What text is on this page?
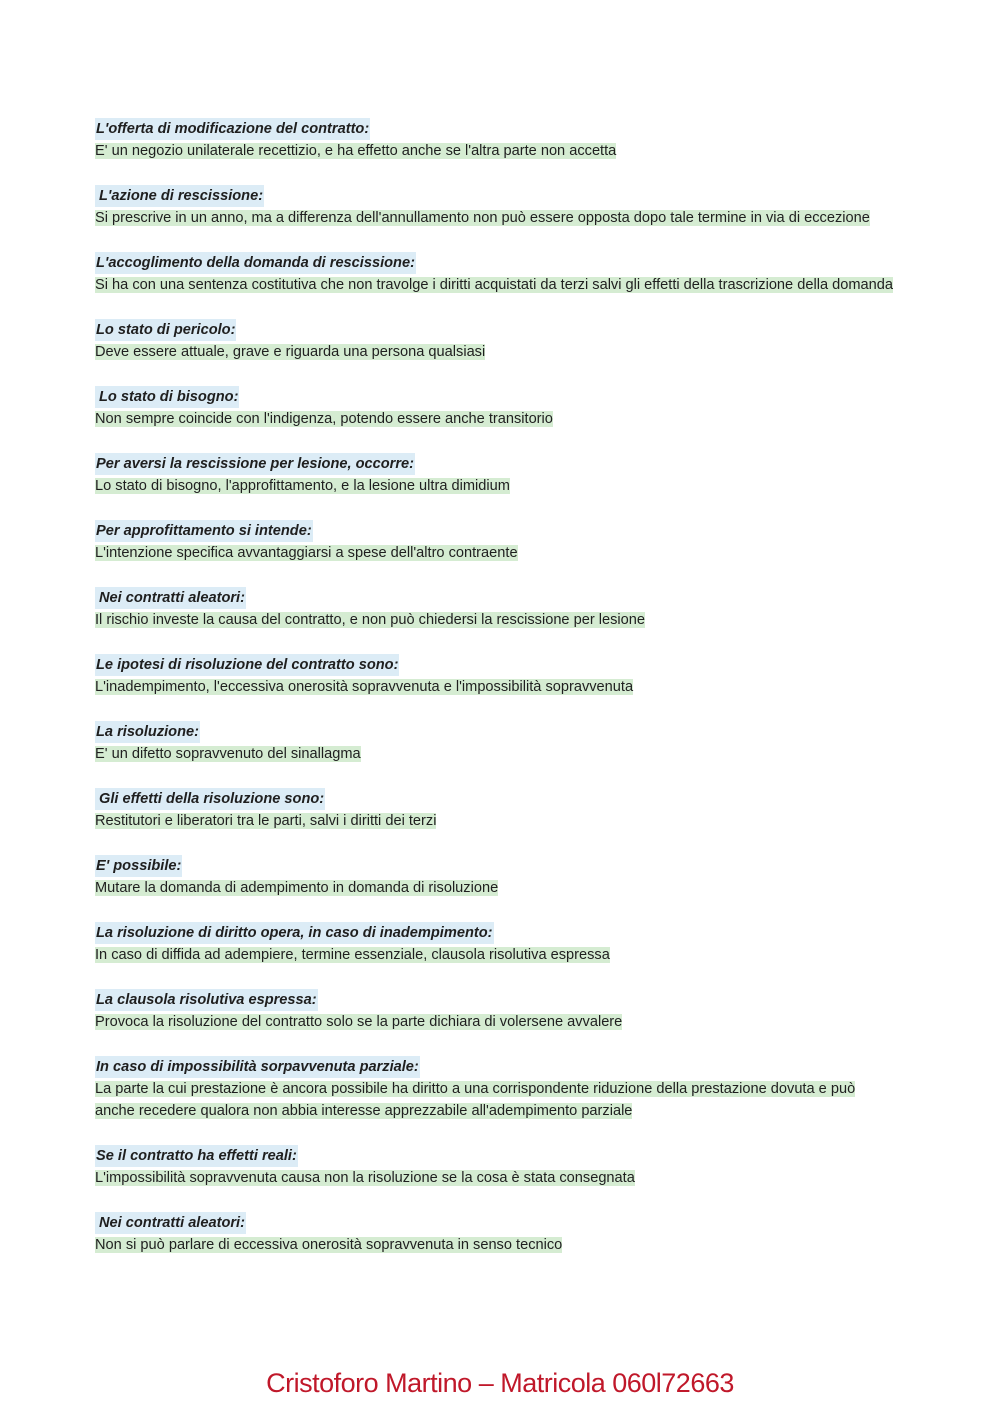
L'offerta di modificazione del contratto:
E' un negozio unilaterale recettizio, e ha effetto anche se l'altra parte non accetta
L'azione di rescissione:
Si prescrive in un anno, ma a differenza dell'annullamento non può essere opposta dopo tale termine in via di eccezione
L'accoglimento della domanda di rescissione:
Si ha con una sentenza costitutiva che non travolge i diritti acquistati da terzi salvi gli effetti della trascrizione della domanda
Lo stato di pericolo:
Deve essere attuale, grave e riguarda una persona qualsiasi
Lo stato di bisogno:
Non sempre coincide con l'indigenza, potendo essere anche transitorio
Per aversi la rescissione per lesione, occorre:
Lo stato di bisogno, l'approfittamento, e la lesione ultra dimidium
Per approfittamento si intende:
L'intenzione specifica avvantaggiarsi a spese dell'altro contraente
Nei contratti aleatori:
Il rischio investe la causa del contratto, e non può chiedersi la rescissione per lesione
Le ipotesi di risoluzione del contratto sono:
L'inadempimento, l'eccessiva onerosità sopravvenuta e l'impossibilità sopravvenuta
La risoluzione:
E' un difetto sopravvenuto del sinallagma
Gli effetti della risoluzione sono:
Restitutori e liberatori tra le parti, salvi i diritti dei terzi
E' possibile:
Mutare la domanda di adempimento in domanda di risoluzione
La risoluzione di diritto opera, in caso di inadempimento:
In caso di diffida ad adempiere, termine essenziale, clausola risolutiva espressa
La clausola risolutiva espressa:
Provoca la risoluzione del contratto solo se la parte dichiara di volersene avvalere
In caso di impossibilità sorpavvenuta parziale:
La parte la cui prestazione è ancora possibile ha diritto a una corrispondente riduzione della prestazione dovuta e può anche recedere qualora non abbia interesse apprezzabile all'adempimento parziale
Se il contratto ha effetti reali:
L'impossibilità sopravvenuta causa non la risoluzione se la cosa è stata consegnata
Nei contratti aleatori:
Non si può parlare di eccessiva onerosità sopravvenuta in senso tecnico
Cristoforo Martino – Matricola 060l72663
